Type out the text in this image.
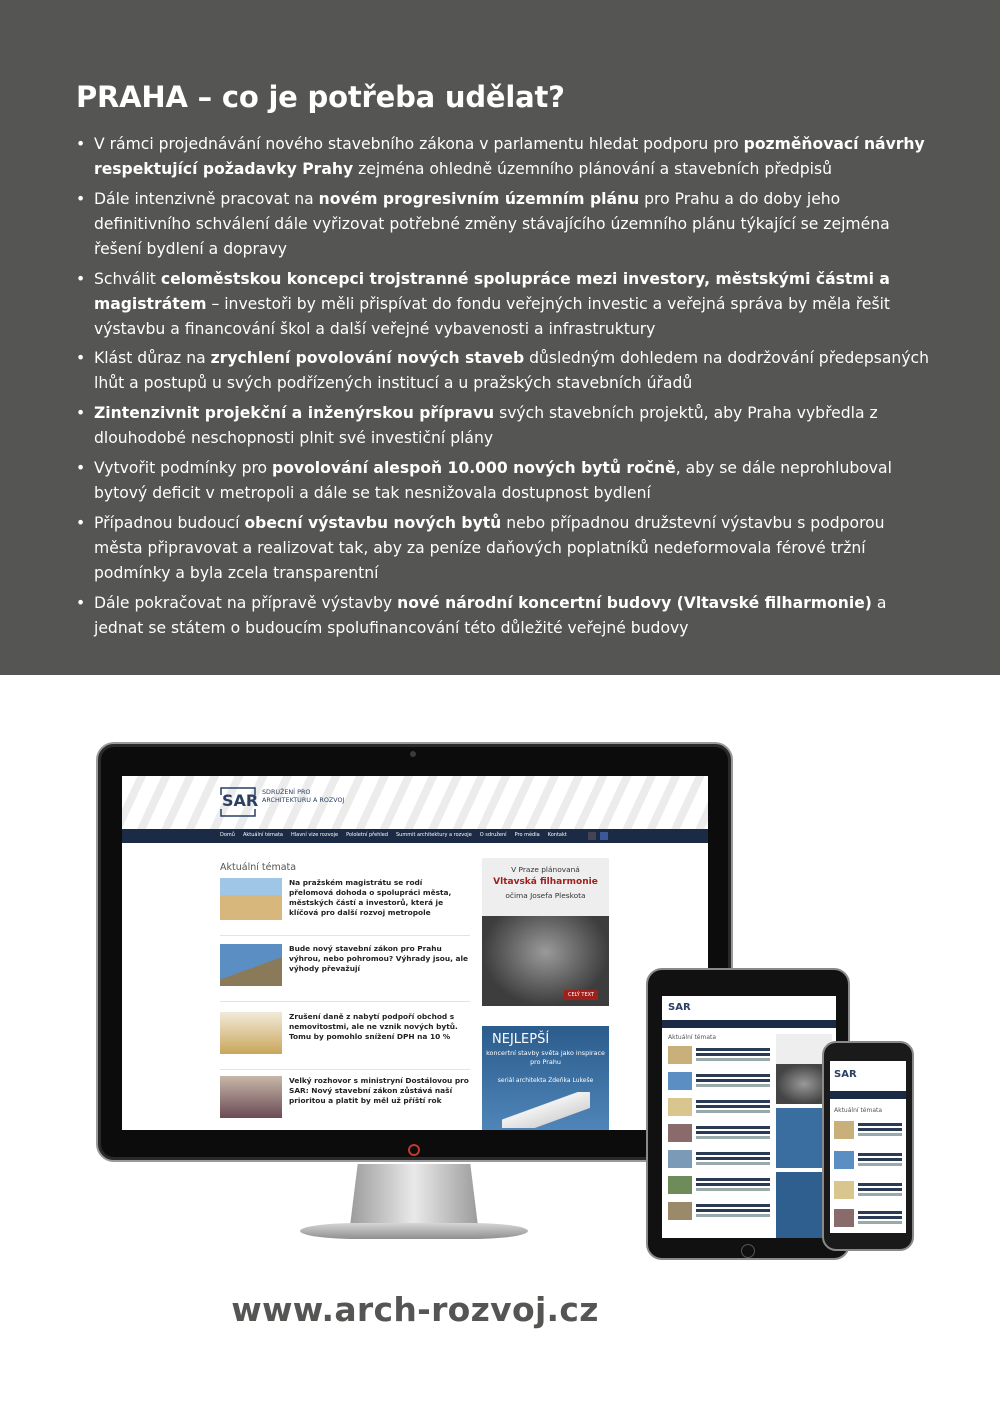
PRAHA – co je potřeba udělat?
• V rámci projednávání nového stavebního zákona v parlamentu hledat podporu pro pozměňovací návrhy respektující požadavky Prahy zejména ohledně územního plánování a stavebních předpisů
• Dále intenzivně pracovat na novém progresivním územním plánu pro Prahu a do doby jeho definitivního schválení dále vyřizovat potřebné změny stávajícího územního plánu týkající se zejména řešení bydlení a dopravy
• Schválit celoměstskou koncepci trojstranné spolupráce mezi investory, městskými částmi a magistrátem – investoři by měli přispívat do fondu veřejných investic a veřejná správa by měla řešit výstavbu a financování škol a další veřejné vybavenosti a infrastruktury
• Klást důraz na zrychlení povolování nových staveb důsledným dohledem na dodržování předepsaných lhůt a postupů u svých podřízených institucí a u pražských stavebních úřadů
• Zintenzivnit projekční a inženýrskou přípravu svých stavebních projektů, aby Praha vybředla z dlouhodobé neschopnosti plnit své investiční plány
• Vytvořit podmínky pro povolování alespoň 10.000 nových bytů ročně, aby se dále neprohluboval bytový deficit v metropoli a dále se tak nesnižovala dostupnost bydlení
• Případnou budoucí obecní výstavbu nových bytů nebo případnou družstevní výstavbu s podporou města připravovat a realizovat tak, aby za peníze daňových poplatníků nedeformovala férové tržní podmínky a byla zcela transparentní
• Dále pokračovat na přípravě výstavby nové národní koncertní budovy (Vltavské filharmonie) a jednat se státem o budoucím spolufinancování této důležité veřejné budovy
SAR SDRUŽENÍ PRO ARCHITEKTURU A ROZVOJ
Domů Aktuální témata Hlavní vize rozvoje Pololetní přehled Summit architektury a rozvoje O sdružení Pro média Kontakt
Aktuální témata
Na pražském magistrátu se rodí přelomová dohoda o spolupráci města, městských částí a investorů, která je klíčová pro další rozvoj metropole
Bude nový stavební zákon pro Prahu výhrou, nebo pohromou? Výhrady jsou, ale výhody převažují
Zrušení daně z nabytí podpoří obchod s nemovitostmi, ale ne vznik nových bytů. Tomu by pomohlo snížení DPH na 10 %
Velký rozhovor s ministryní Dostálovou pro SAR: Nový stavební zákon zůstává naší prioritou a platit by měl už příští rok
V Praze plánovaná
Vltavská filharmonie
očima Josefa Pleskota
CELÝ TEXT
NEJLEPŠÍ
koncertní stavby světa jako inspirace pro Prahu
seriál architekta Zdeňka Lukeše
SAR
Aktuální témata
SAR
Aktuální témata
www.arch-rozvoj.cz
